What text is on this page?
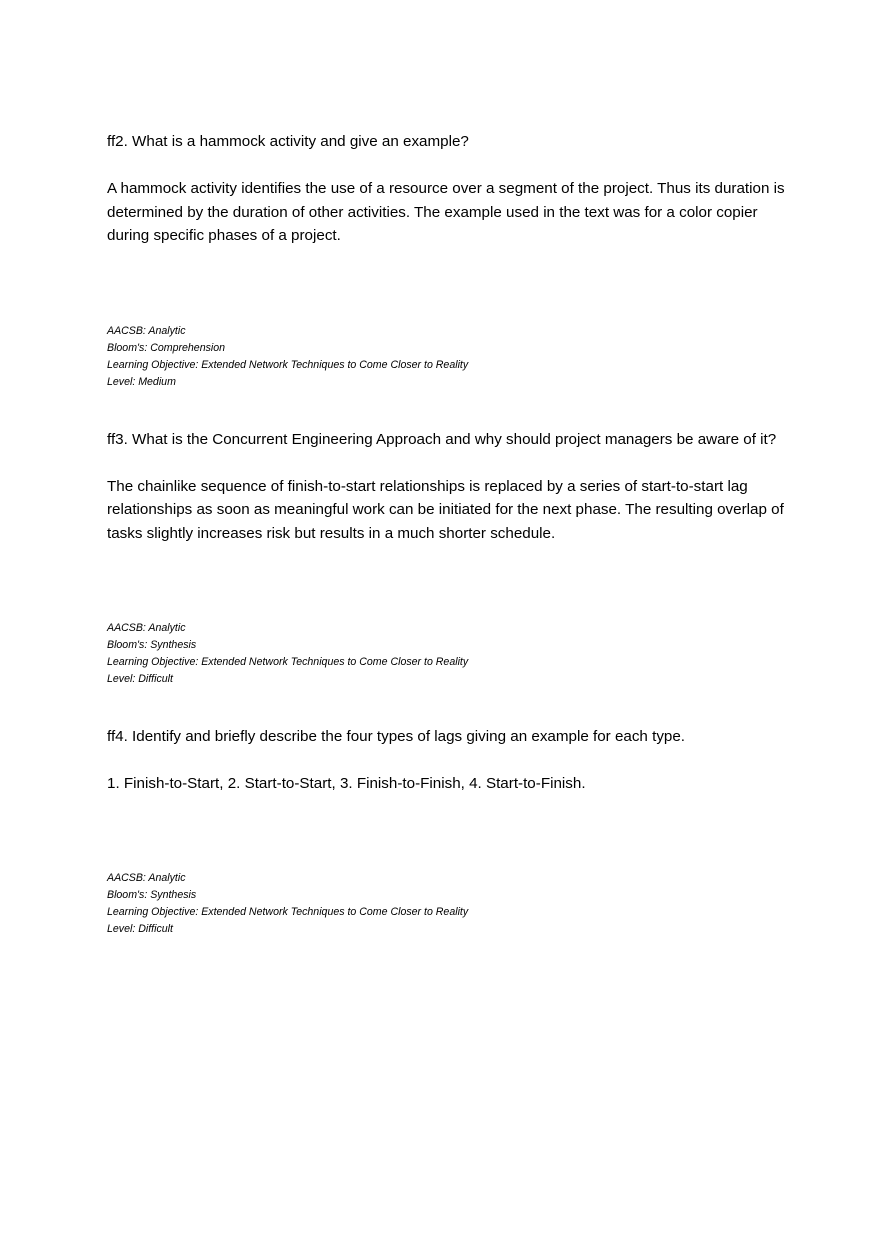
ff2. What is a hammock activity and give an example?

A hammock activity identifies the use of a resource over a segment of the project. Thus its duration is determined by the duration of other activities. The example used in the text was for a color copier during specific phases of a project.

AACSB: Analytic
Bloom's: Comprehension
Learning Objective: Extended Network Techniques to Come Closer to Reality
Level: Medium

ff3. What is the Concurrent Engineering Approach and why should project managers be aware of it?

The chainlike sequence of finish-to-start relationships is replaced by a series of start-to-start lag relationships as soon as meaningful work can be initiated for the next phase. The resulting overlap of tasks slightly increases risk but results in a much shorter schedule.

AACSB: Analytic
Bloom's: Synthesis
Learning Objective: Extended Network Techniques to Come Closer to Reality
Level: Difficult

ff4. Identify and briefly describe the four types of lags giving an example for each type.

1. Finish-to-Start, 2. Start-to-Start, 3. Finish-to-Finish, 4. Start-to-Finish.

AACSB: Analytic
Bloom's: Synthesis
Learning Objective: Extended Network Techniques to Come Closer to Reality
Level: Difficult
